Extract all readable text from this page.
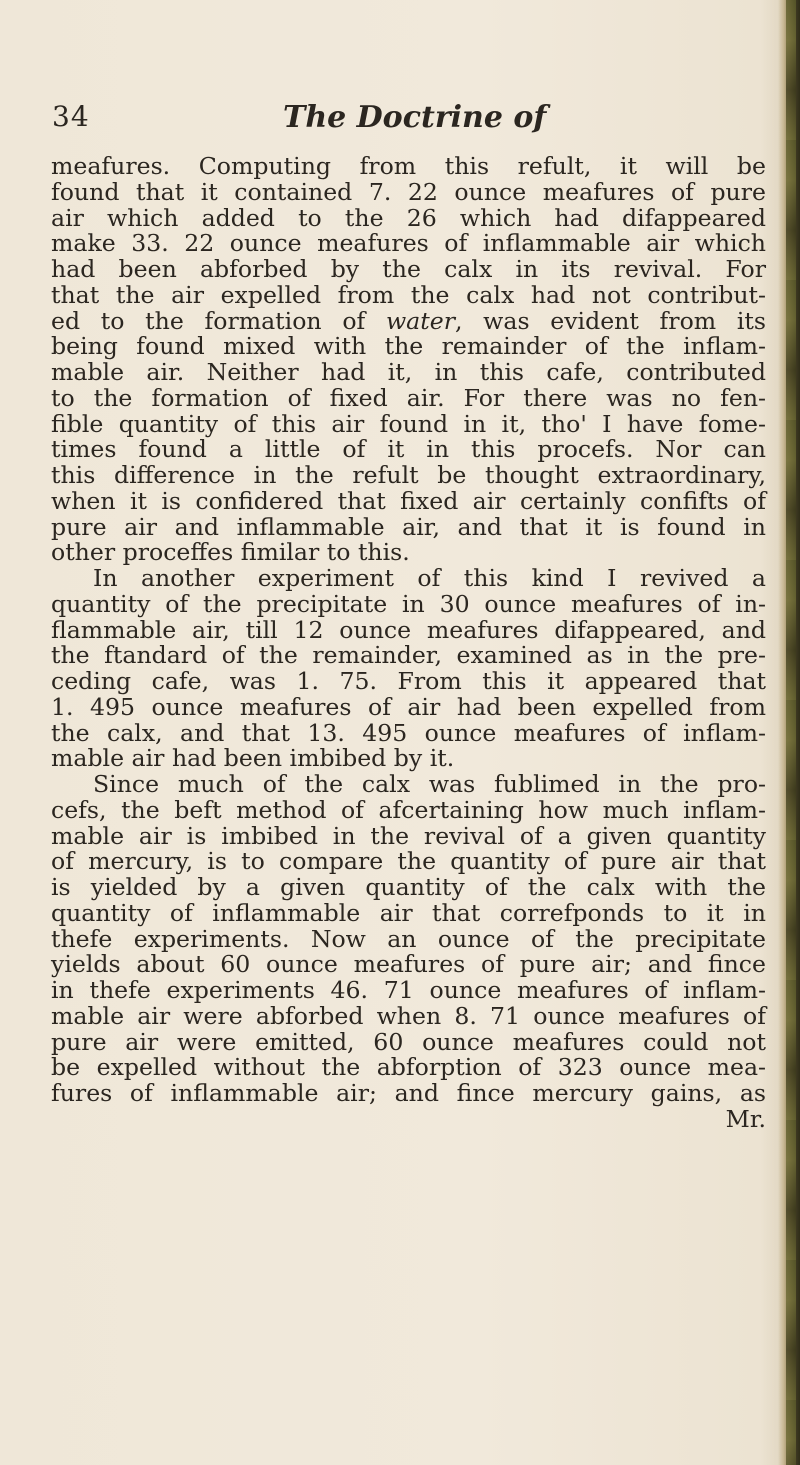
34	The Doctrine of
meafures. Computing from this refult, it will be
found that it contained 7. 22 ounce meafures of pure
air which added to the 26 which had difappeared
make 33. 22 ounce meafures of inflammable air which
had been abforbed by the calx in its revival. For
that the air expelled from the calx had not contribut-
ed to the formation of water, was evident from its
being found mixed with the remainder of the inflam-
mable air. Neither had it, in this cafe, contributed
to the formation of fixed air. For there was no fen-
fible quantity of this air found in it, tho' I have fome-
times found a little of it in this procefs. Nor can
this difference in the refult be thought extraordinary,
when it is confidered that fixed air certainly confifts of
pure air and inflammable air, and that it is found in
other proceffes fimilar to this.
In another experiment of this kind I revived a
quantity of the precipitate in 30 ounce meafures of in-
flammable air, till 12 ounce meafures difappeared, and
the ftandard of the remainder, examined as in the pre-
ceding cafe, was 1. 75. From this it appeared that
1. 495 ounce meafures of air had been expelled from
the calx, and that 13. 495 ounce meafures of inflam-
mable air had been imbibed by it.
Since much of the calx was fublimed in the pro-
cefs, the beft method of afcertaining how much inflam-
mable air is imbibed in the revival of a given quantity
of mercury, is to compare the quantity of pure air that
is yielded by a given quantity of the calx with the
quantity of inflammable air that correfponds to it in
thefe experiments. Now an ounce of the precipitate
yields about 60 ounce meafures of pure air; and fince
in thefe experiments 46. 71 ounce meafures of inflam-
mable air were abforbed when 8. 71 ounce meafures of
pure air were emitted, 60 ounce meafures could not
be expelled without the abforption of 323 ounce mea-
fures of inflammable air; and fince mercury gains, as
Mr.
